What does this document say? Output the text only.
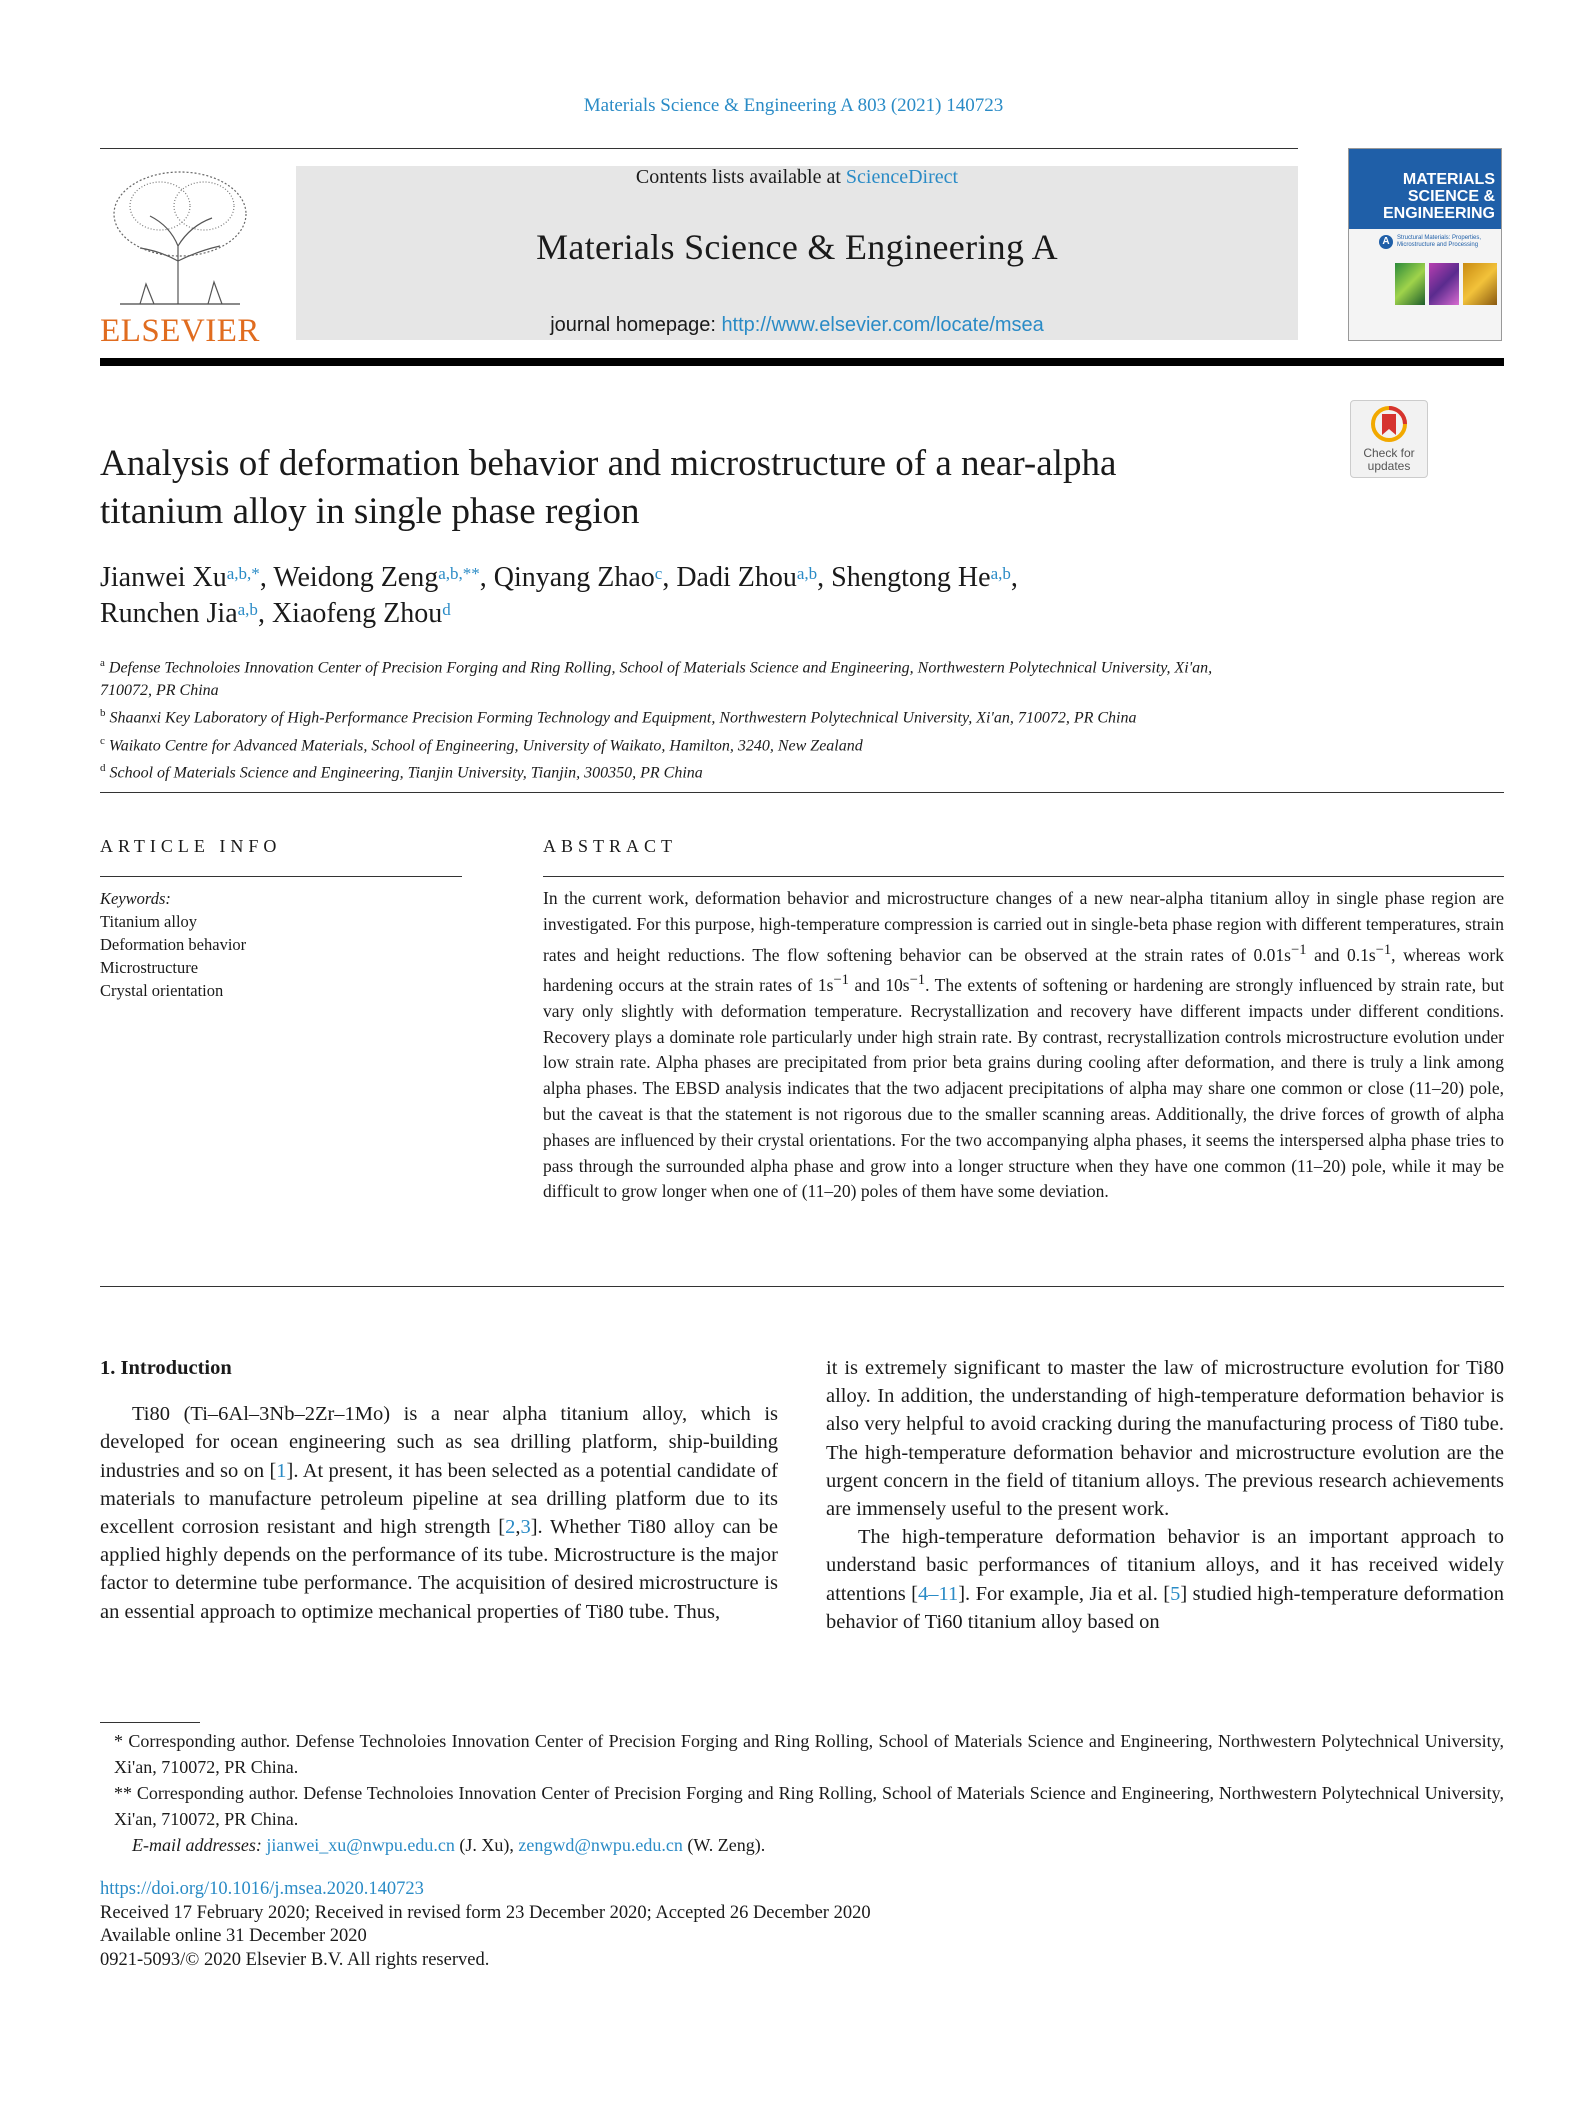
Materials Science & Engineering A 803 (2021) 140723
ELSEVIER
Contents lists available at ScienceDirect
Materials Science & Engineering A
journal homepage: http://www.elsevier.com/locate/msea
MATERIALS
SCIENCE &
ENGINEERING
A	Structural Materials: Properties, Microstructure and Processing
Check for
updates
Analysis of deformation behavior and microstructure of a near-alpha
titanium alloy in single phase region
Jianwei $Xu^{a,b,*}$, Weidong Zeng$^{a,b,**}$, Qinyang Zhao$^c$, Dadi Zhou$^{a,b}$, Shengtong He$^{a,b}$,
Runchen Jia$^{a,b}$, Xiaofeng Zhou$^d$

$^a$ Defense Technoloies Innovation Center of Precision Forging and Ring Rolling, School of Materials Science and Engineering, Northwestern Polytechnical University, Xi'an,

710072, PR China

$^b$ Shaanxi Key Laboratory of High-Performance Precision Forming Technology and Equipment, Northwestern Polytechnical University, Xi'an, 710072, PR China

$^c$ Waikato Centre for Advanced Materials, School of Engineering, University of Waikato, Hamilton, 3240, New Zealand

$^d$ School of Materials Science and Engineering, Tianjin University, Tianjin, 300350, PR China

ARTICLE INFO	ABSTRACT
Keywords:
Titanium alloy
Deformation behavior
Microstructure
Crystal orientation
In the current work, deformation behavior and microstructure changes of a new near-alpha titanium alloy in single phase region are investigated. For this purpose, high-temperature compression is carried out in single-beta phase region with different temperatures, strain rates and height reductions. The flow softening behavior can be observed at the strain rates of $0.01s^{-1}$ and $0.1s^{-1}$, whereas work hardening occurs at the strain rates of $1s^{-1}$ and $10s^{-1}$. The extents of softening or hardening are strongly influenced by strain rate, but vary only slightly with deformation temperature. Recrystallization and recovery have different impacts under different conditions. Recovery plays a dominate role particularly under high strain rate. By contrast, recrystallization controls microstructure evolution under low strain rate. Alpha phases are precipitated from prior beta grains during cooling after deformation, and there is truly a link among alpha phases. The EBSD analysis indicates that the two adjacent precipitations of alpha may share one common or close (11–20) pole, but the caveat is that the statement is not rigorous due to the smaller scanning areas. Additionally, the drive forces of growth of alpha phases are influenced by their crystal orientations. For the two accompanying alpha phases, it seems the interspersed alpha phase tries to pass through the surrounded alpha phase and grow into a longer structure when they have one common (11–20) pole, while it may be difficult to grow longer when one of (11–20) poles of them have some deviation.

1. Introduction

Ti80 (Ti–6Al–3Nb–2Zr–1Mo) is a near alpha titanium alloy, which is developed for ocean engineering such as sea drilling platform, ship-building industries and so on [1]. At present, it has been selected as a potential candidate of materials to manufacture petroleum pipeline at sea drilling platform due to its excellent corrosion resistant and high strength [2,3]. Whether Ti80 alloy can be applied highly depends on the performance of its tube. Microstructure is the major factor to determine tube performance. The acquisition of desired microstructure is an essential approach to optimize mechanical properties of Ti80 tube. Thus,

it is extremely significant to master the law of microstructure evolution for Ti80 alloy. In addition, the understanding of high-temperature deformation behavior is also very helpful to avoid cracking during the manufacturing process of Ti80 tube. The high-temperature deformation behavior and microstructure evolution are the urgent concern in the field of titanium alloys. The previous research achievements are immensely useful to the present work.

The high-temperature deformation behavior is an important approach to understand basic performances of titanium alloys, and it has received widely attentions [4–11]. For example, Jia et al. [5] studied high-temperature deformation behavior of Ti60 titanium alloy based on

* Corresponding author. Defense Technoloies Innovation Center of Precision Forging and Ring Rolling, School of Materials Science and Engineering, Northwestern Polytechnical University, Xi'an, 710072, PR China.

** Corresponding author. Defense Technoloies Innovation Center of Precision Forging and Ring Rolling, School of Materials Science and Engineering, Northwestern Polytechnical University, Xi'an, 710072, PR China.

E-mail addresses: jianwei_xu@nwpu.edu.cn (J. Xu), zengwd@nwpu.edu.cn (W. Zeng).

https://doi.org/10.1016/j.msea.2020.140723

Received 17 February 2020; Received in revised form 23 December 2020; Accepted 26 December 2020

Available online 31 December 2020

0921-5093/© 2020 Elsevier B.V. All rights reserved.
